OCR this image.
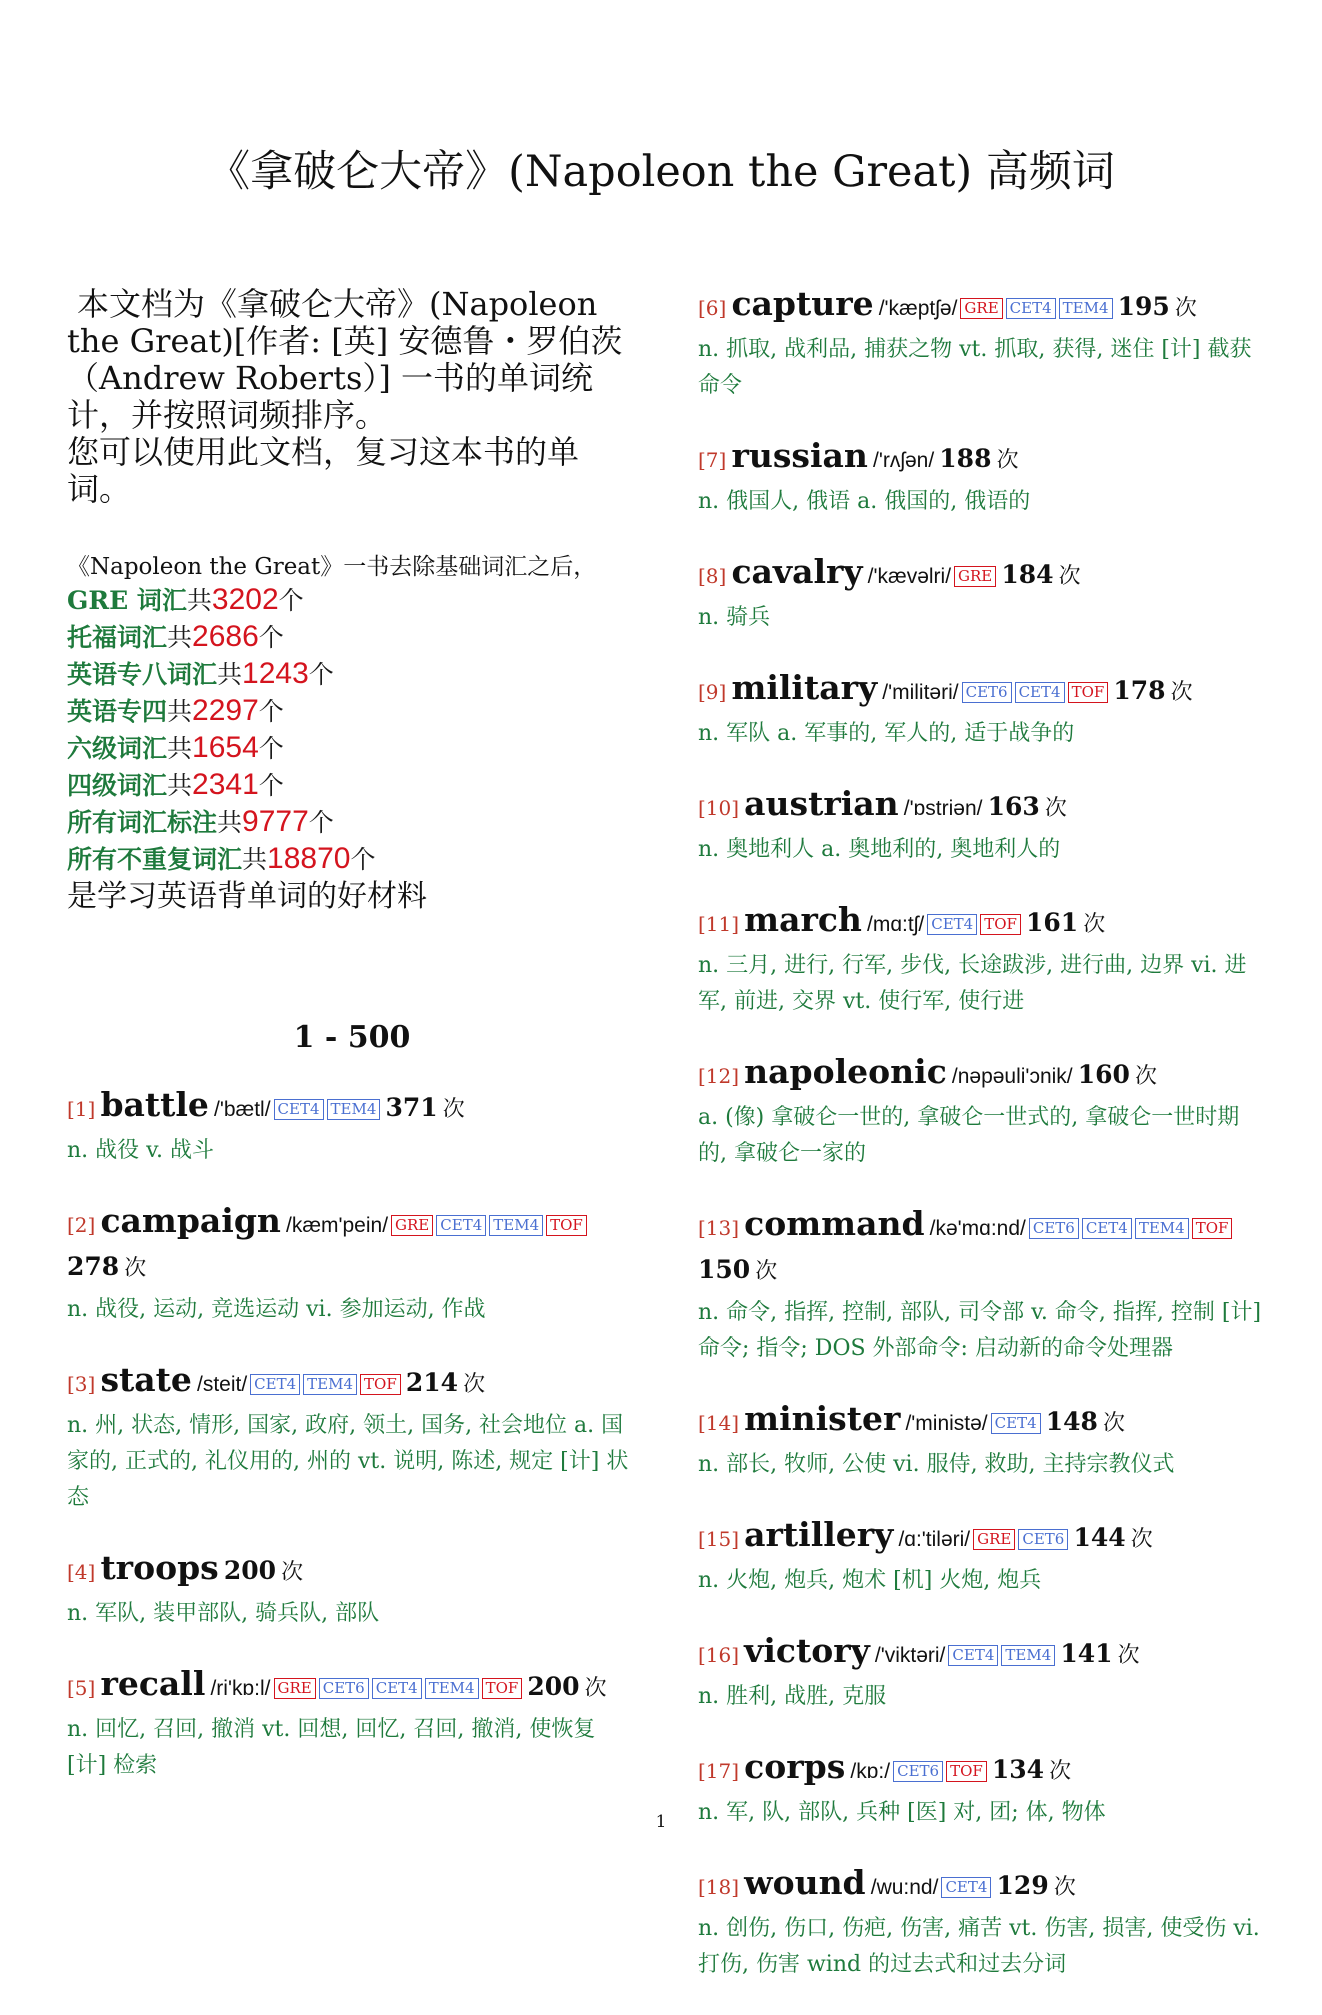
《拿破仑大帝》(Napoleon the Great) 高频词

本文档为《拿破仑大帝》(Napoleon the Great)[作者: [英] 安德鲁・罗伯茨（Andrew Roberts）] 一书的单词统计，并按照词频排序。

您可以使用此文档，复习这本书的单词。

《Napoleon the Great》一书去除基础词汇之后，
GRE 词汇共3202个
托福词汇共2686个
英语专八词汇共1243个
英语专四共2297个
六级词汇共1654个
四级词汇共2341个
所有词汇标注共9777个
所有不重复词汇共18870个
是学习英语背单词的好材料
1 - 500
[1] battle /'bætl/ CET4 TEM4 371 次
n. 战役 v. 战斗
[2] campaign /kæm'pein/ GRE CET4 TEM4 TOF 278 次
n. 战役, 运动, 竞选运动 vi. 参加运动, 作战
[3] state /steit/ CET4 TEM4 TOF 214 次
n. 州, 状态, 情形, 国家, 政府, 领土, 国务, 社会地位 a. 国家的, 正式的, 礼仪用的, 州的 vt. 说明, 陈述, 规定 [计] 状态
[4] troops 200 次
n. 军队, 装甲部队, 骑兵队, 部队
[5] recall /ri'kɒ:l/ GRE CET6 CET4 TEM4 TOF 200 次
n. 回忆, 召回, 撤消 vt. 回想, 回忆, 召回, 撤消, 使恢复 [计] 检索
[6] capture /'kæptʃə/ GRE CET4 TEM4 195 次
n. 抓取, 战利品, 捕获之物 vt. 抓取, 获得, 迷住 [计] 截获命令
[7] russian /'rʌʃən/ 188 次
n. 俄国人, 俄语 a. 俄国的, 俄语的
[8] cavalry /'kævəlri/ GRE 184 次
n. 骑兵
[9] military /'militəri/ CET6 CET4 TOF 178 次
n. 军队 a. 军事的, 军人的, 适于战争的
[10] austrian /'ɒstriən/ 163 次
n. 奥地利人 a. 奥地利的, 奥地利人的
[11] march /mɑ:tʃ/ CET4 TOF 161 次
n. 三月, 进行, 行军, 步伐, 长途跋涉, 进行曲, 边界 vi. 进军, 前进, 交界 vt. 使行军, 使行进
[12] napoleonic /nəpəuli'ɔnik/ 160 次
a. (像) 拿破仑一世的, 拿破仑一世式的, 拿破仑一世时期的, 拿破仑一家的
[13] command /kə'mɑ:nd/ CET6 CET4 TEM4 TOF 150 次
n. 命令, 指挥, 控制, 部队, 司令部 v. 命令, 指挥, 控制 [计] 命令; 指令; DOS 外部命令: 启动新的命令处理器
[14] minister /'ministə/ CET4 148 次
n. 部长, 牧师, 公使 vi. 服侍, 救助, 主持宗教仪式
[15] artillery /ɑ:'tiləri/ GRE CET6 144 次
n. 火炮, 炮兵, 炮术 [机] 火炮, 炮兵
[16] victory /'viktəri/ CET4 TEM4 141 次
n. 胜利, 战胜, 克服
[17] corps /kɒ:/ CET6 TOF 134 次
n. 军, 队, 部队, 兵种 [医] 对, 团; 体, 物体
[18] wound /wu:nd/ CET4 129 次
n. 创伤, 伤口, 伤疤, 伤害, 痛苦 vt. 伤害, 损害, 使受伤 vi. 打伤, 伤害 wind 的过去式和过去分词
1
